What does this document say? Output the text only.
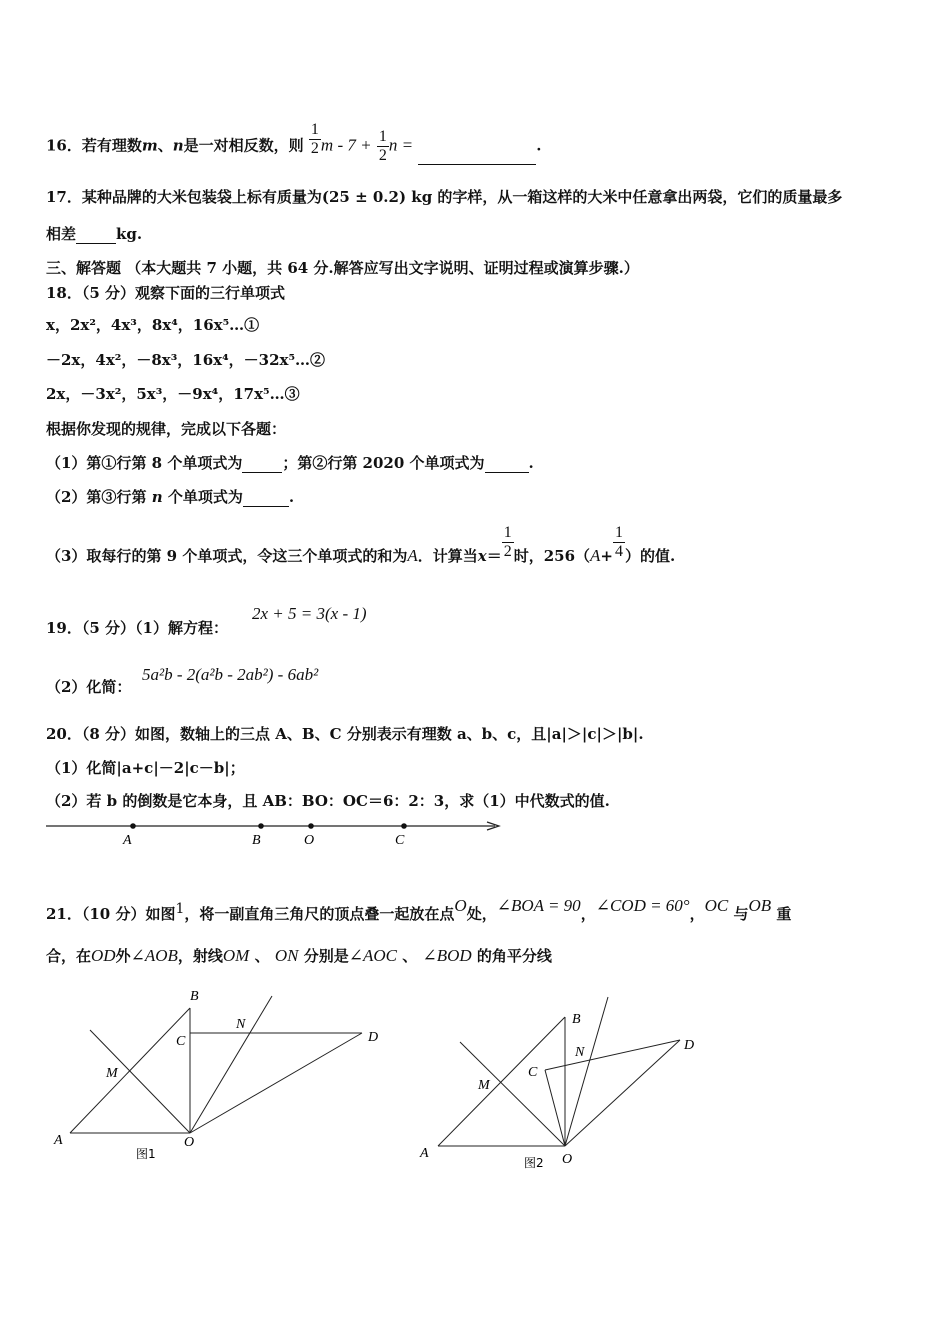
16．若有理数m、n是一对相反数，则 $\frac{1}{2}$ $m - 7 + \frac{1}{2}$ n =	.
17．某种品牌的大米包装袋上标有质量为(25 ± 0.2) kg 的字样，从一箱这样的大米中任意拿出两袋，它们的质量最多
相差	kg.
三、解答题 （本大题共 7 小题，共 64 分.解答应写出文字说明、证明过程或演算步骤.）
18．（5 分）观察下面的三行单项式
x，2x²，4x³，8x⁴，16x⁵…①
－2x，4x²，－8x³，16x⁴，－32x⁵…②
2x，－3x²，5x³，－9x⁴，17x⁵…③
根据你发现的规律，完成以下各题：
（1）第①行第 8 个单项式为	；第②行第 2020 个单项式为	.
（2）第③行第 n 个单项式为	.
（3）取每行的第 9 个单项式，令这三个单项式的和为A．计算当$x= \frac{1}{2}$ 时，$256(A+ \frac{1}{4}$ ）的值.
19．（5 分）（1）解方程：
2x + 5 = 3(x - 1)
（2）化简：
5a²b - 2(a²b - 2ab²) - 6ab²
20．（8 分）如图，数轴上的三点 A、B、C 分别表示有理数 a、b、c，且|a|＞|c|＞|b|.
（1）化简|a+c|－2|c－b|；
（2）若 b 的倒数是它本身，且 AB：BO：OC＝6：2：3，求（1）中代数式的值.
A	B	O	C
21．（10 分）如图$^1$，将一副直角三角尺的顶点叠一起放在点O处，∠BOA = 90，∠COD = 60°，OC 与OB 重
合，在OD外∠AOB，射线OM 、 ON 分别是∠AOC 、 ∠BOD 的角平分线
B
C
N
D
M
A	O
图1
B
N	D
C
M
A	O
图2
